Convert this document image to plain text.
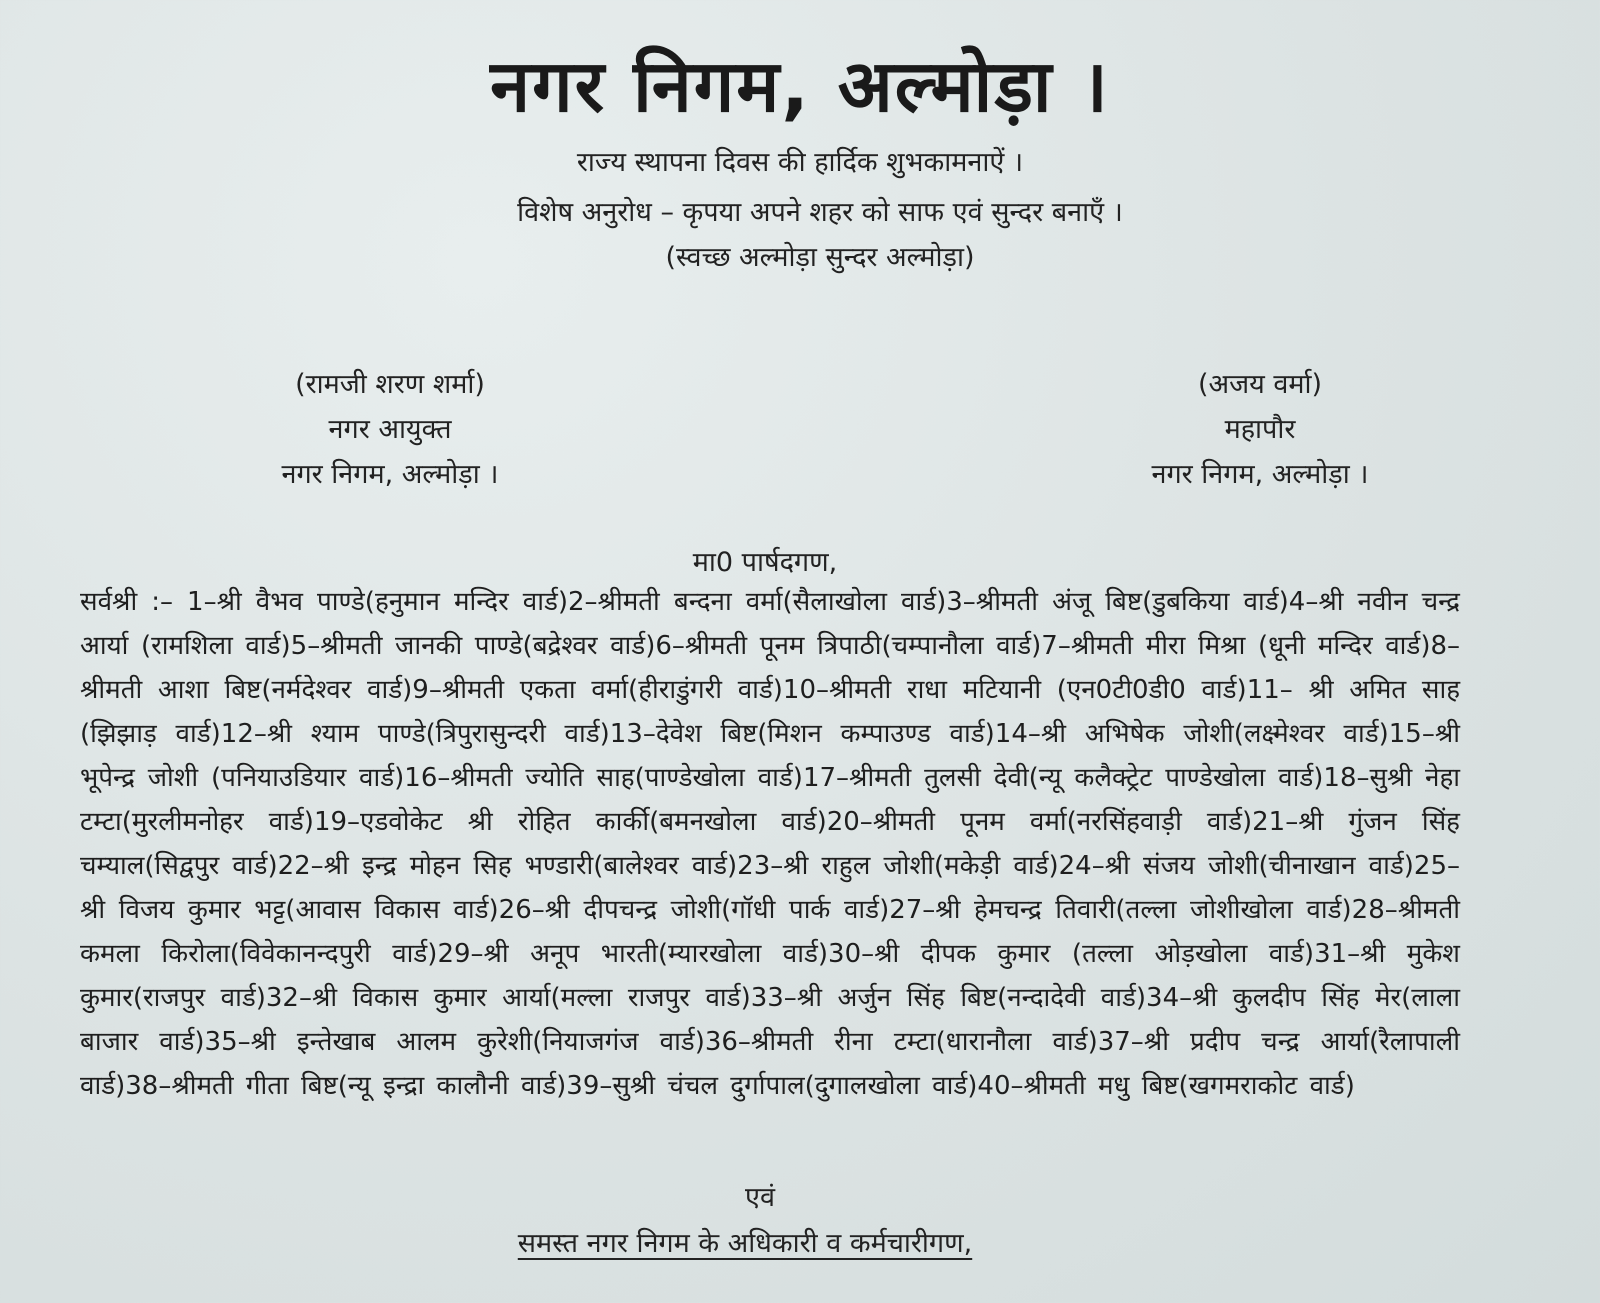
नगर निगम, अल्मोड़ा ।
राज्य स्थापना दिवस की हार्दिक शुभकामनाऐं ।
विशेष अनुरोध – कृपया अपने शहर को साफ एवं सुन्दर बनाएँ ।
(स्वच्छ अल्मोड़ा सुन्दर अल्मोड़ा)
(रामजी शरण शर्मा)
नगर आयुक्त
नगर निगम, अल्मोड़ा ।
(अजय वर्मा)
महापौर
नगर निगम, अल्मोड़ा ।
मा0 पार्षदगण,
सर्वश्री :– 1–श्री वैभव पाण्डे(हनुमान मन्दिर वार्ड)2–श्रीमती बन्दना वर्मा(सैलाखोला वार्ड)3–श्रीमती अंजू बिष्ट(डुबकिया वार्ड)4–श्री नवीन चन्द्र आर्या (रामशिला वार्ड)5–श्रीमती जानकी पाण्डे(बद्रेश्वर वार्ड)6–श्रीमती पूनम त्रिपाठी(चम्पानौला वार्ड)7–श्रीमती मीरा मिश्रा (धूनी मन्दिर वार्ड)8–श्रीमती आशा बिष्ट(नर्मदेश्वर वार्ड)9–श्रीमती एकता वर्मा(हीराडुंगरी वार्ड)10–श्रीमती राधा मटियानी (एन0टी0डी0 वार्ड)11– श्री अमित साह (झिझाड़ वार्ड)12–श्री श्याम पाण्डे(त्रिपुरासुन्दरी वार्ड)13–देवेश बिष्ट(मिशन कम्पाउण्ड वार्ड)14–श्री अभिषेक जोशी(लक्ष्मेश्वर वार्ड)15–श्री भूपेन्द्र जोशी (पनियाउडियार वार्ड)16–श्रीमती ज्योति साह(पाण्डेखोला वार्ड)17–श्रीमती तुलसी देवी(न्यू कलैक्ट्रेट पाण्डेखोला वार्ड)18–सुश्री नेहा टम्टा(मुरलीमनोहर वार्ड)19–एडवोकेट श्री रोहित कार्की(बमनखोला वार्ड)20–श्रीमती पूनम वर्मा(नरसिंहवाड़ी वार्ड)21–श्री गुंजन सिंह चम्याल(सिद्वपुर वार्ड)22–श्री इन्द्र मोहन सिह भण्डारी(बालेश्वर वार्ड)23–श्री राहुल जोशी(मकेड़ी वार्ड)24–श्री संजय जोशी(चीनाखान वार्ड)25–श्री विजय कुमार भट्ट(आवास विकास वार्ड)26–श्री दीपचन्द्र जोशी(गॉधी पार्क वार्ड)27–श्री हेमचन्द्र तिवारी(तल्ला जोशीखोला वार्ड)28–श्रीमती कमला किरोला(विवेकानन्दपुरी वार्ड)29–श्री अनूप भारती(म्यारखोला वार्ड)30–श्री दीपक कुमार (तल्ला ओड़खोला वार्ड)31–श्री मुकेश कुमार(राजपुर वार्ड)32–श्री विकास कुमार आर्या(मल्ला राजपुर वार्ड)33–श्री अर्जुन सिंह बिष्ट(नन्दादेवी वार्ड)34–श्री कुलदीप सिंह मेर(लाला बाजार वार्ड)35–श्री इन्तेखाब आलम कुरेशी(नियाजगंज वार्ड)36–श्रीमती रीना टम्टा(धारानौला वार्ड)37–श्री प्रदीप चन्द्र आर्या(रैलापाली वार्ड)38–श्रीमती गीता बिष्ट(न्यू इन्द्रा कालौनी वार्ड)39–सुश्री चंचल दुर्गापाल(दुगालखोला वार्ड)40–श्रीमती मधु बिष्ट(खगमराकोट वार्ड)
एवं
समस्त नगर निगम के अधिकारी व कर्मचारीगण,
